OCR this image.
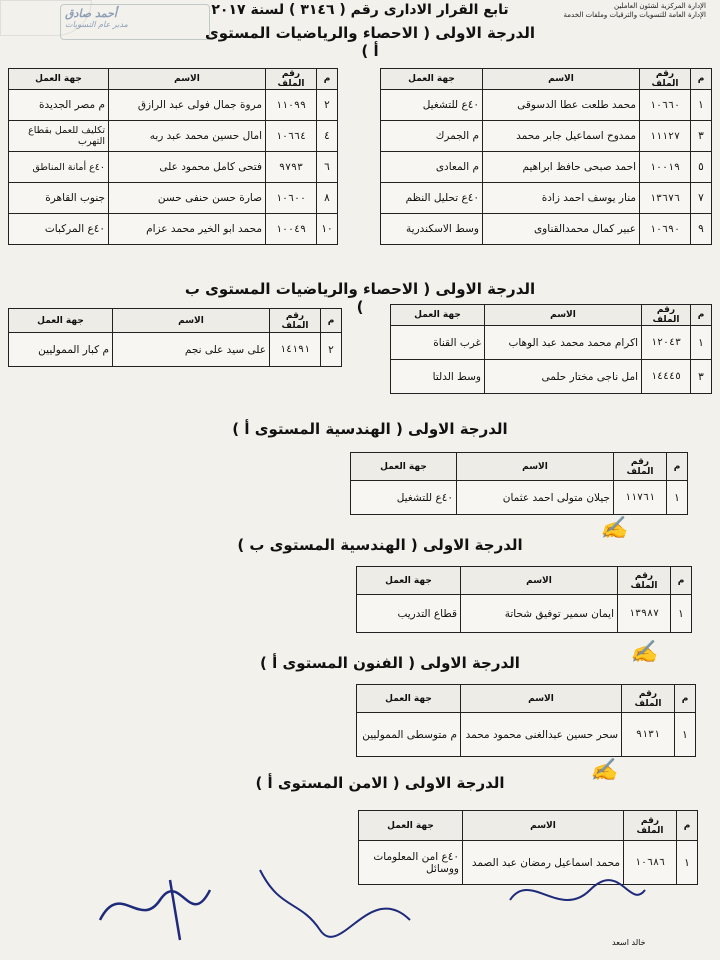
أحمد صادق
مدير عام التسويات
الإدارة المركزية لشئون العاملين
الإدارة العامة للتسويات والترقيات وملفات الخدمة
تابع القرار الادارى رقم ( ٣١٤٦ ) لسنة ٢٠١٧
الدرجة الاولى ( الاحصاء والرياضيات المستوى أ )
م	رقم الملف	الاسم	جهة العمل
١	١٠٦٦٠	محمد طلعت عطا الدسوقى	٤٠ع للتشغيل
٣	١١١٢٧	ممدوح اسماعيل جابر محمد	م الجمرك
٥	١٠٠١٩	احمد صبحى حافظ ابراهيم	م المعادى
٧	١٣٦٧٦	منار يوسف احمد زادة	٤٠ع تحليل النظم
٩	١٠٦٩٠	عبير كمال محمدالقناوى	وسط الاسكندرية
م	رقم الملف	الاسم	جهة العمل
٢	١١٠٩٩	مروة جمال فولى عبد الرازق	م مصر الجديدة
٤	١٠٦٦٤	امال حسين محمد عبد ربه	تكليف للعمل بقطاع التهرب
٦	٩٧٩٣	فتحى كامل محمود على	٤٠ع أمانة المناطق
٨	١٠٦٠٠	صارة حسن حنفى حسن	جنوب القاهرة
١٠	١٠٠٤٩	محمد ابو الخير محمد عزام	٤٠ع المركبات
الدرجة الاولى ( الاحصاء والرياضيات المستوى ب )	م	رقم الملف	الاسم	جهة العمل
١	١٢٠٤٣	اكرام محمد محمد عبد الوهاب	غرب القناة
٣	١٤٤٤٥	امل ناجى مختار حلمى	وسط الدلتا
م	رقم الملف	الاسم	جهة العمل
٢	١٤١٩١	على سيد على نجم	م كبار المموليين
الدرجة الاولى ( الهندسية المستوى أ )
م	رقم الملف	الاسم	جهة العمل
١	١١٧٦١	جيلان متولى احمد عثمان	٤٠ع للتشغيل
✍
الدرجة الاولى ( الهندسية المستوى ب )
م	رقم الملف	الاسم	جهة العمل
١	١٣٩٨٧	ايمان سمير توفيق شحاتة	قطاع التدريب
✍
الدرجة الاولى ( الفنون المستوى أ )
م	رقم الملف	الاسم	جهة العمل
١	٩١٣١	سحر حسين عبدالغنى محمود محمد	م متوسطى المموليين
✍
الدرجة الاولى ( الامن المستوى أ )
م	رقم الملف	الاسم	جهة العمل
١	١٠٦٨٦	محمد اسماعيل رمضان عبد الصمد	٤٠ع امن المعلومات ووسائل
خالد اسعد
